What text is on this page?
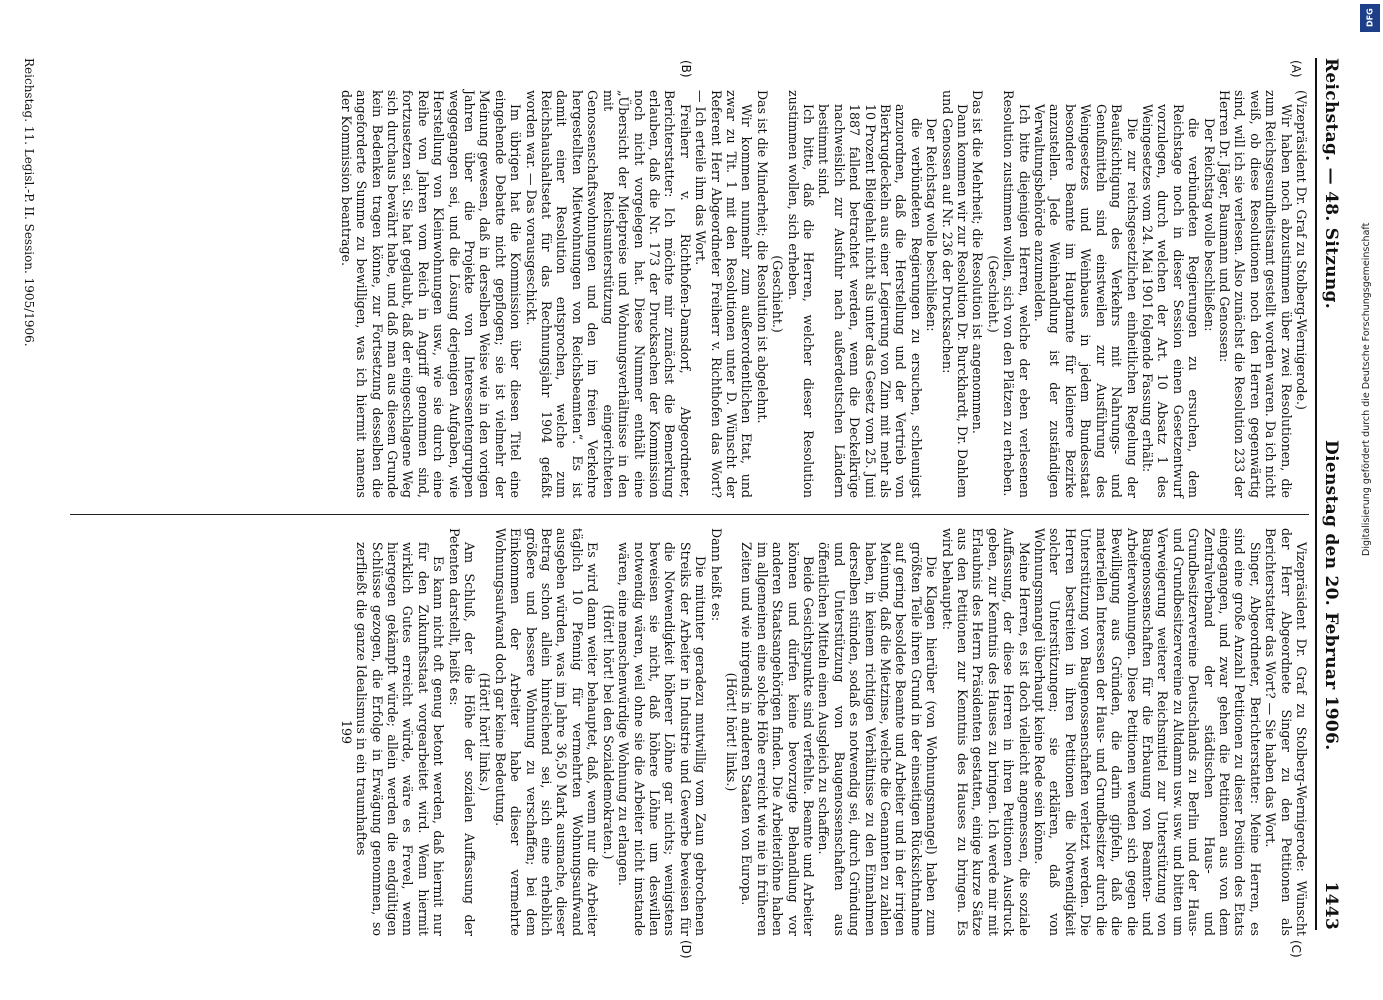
Reichstag. — 48. Sitzung.
Dienstag den 20. Februar 1906.
1443
(A)
(B)
(C)
(D)

(Vizepräsident Dr. Graf zu Stolberg-Wernigerode.)

Wir haben noch abzustimmen über zwei Resolutionen, die zum Reichsgesundheitsamt gestellt worden waren. Da ich nicht weiß, ob diese Resolutionen noch den Herren gegenwärtig sind, will ich sie verlesen. Also zunächst die Resolution 233 der Herren Dr. Jäger, Baumann und Genossen:

Der Reichstag wolle beschließen:

die verbündeten Regierungen zu ersuchen, dem Reichstage noch in dieser Session einen Gesetzentwurf vorzulegen, durch welchen der Art. 10 Absatz 1 des Weingesetzes vom 24. Mai 1901 folgende Fassung erhält:

Die zur reichsgesetzlichen einheitlichen Regelung der Beaufsichtigung des Verkehrs mit Nahrungs- und Genußmitteln sind einstweilen zur Ausführung des Weingesetzes und Weinbaues in jedem Bundesstaat besondere Beamte im Hauptamte für kleinere Bezirke anzustellen. Jede Weinhandlung ist der zuständigen Verwaltungsbehörde anzumelden.

Ich bitte diejenigen Herren, welche der eben verlesenen Resolution zustimmen wollen, sich von den Plätzen zu erheben.

(Geschieht.)

Das ist die Mehrheit; die Resolution ist angenommen.

Dann kommen wir zur Resolution Dr. Burckhardt, Dr. Dahlem und Genossen auf Nr. 236 der Drucksachen:

Der Reichstag wolle beschließen:

die verbündeten Regierungen zu ersuchen, schleunigst anzuordnen, daß die Herstellung und der Vertrieb von Bierkrugdeckeln aus einer Legierung von Zinn mit mehr als 10 Prozent Bleigehalt nicht als unter das Gesetz vom 25. Juni 1887 fallend betrachtet werden, wenn die Deckelkrüge nachweislich zur Ausfuhr nach außerdeutschen Ländern bestimmt sind.

Ich bitte, daß die Herren, welcher dieser Resolution zustimmen wollen, sich erheben.

(Geschieht.)

Das ist die Minderheit; die Resolution ist abgelehnt.

Wir kommen nunmehr zum außerordentlichen Etat, und zwar zu Tit. 1 mit den Resolutionen unter D. Wünscht der Referent Herr Abgeordneter Freiherr v. Richthofen das Wort? — Ich erteile ihm das Wort.

Freiherr v. Richthofen-Damsdorf, Abgeordneter, Berichterstatter: Ich möchte mir zunächst die Bemerkung erlauben, daß die Nr. 173 der Drucksachen der Kommission noch nicht vorgelegen hat. Diese Nummer enthält eine „Übersicht der Mietpreise und Wohnungsverhältnisse in den mit Reichsunterstützung eingerichteten Genossenschaftswohnungen und den im freien Verkehre hergestellten Mietwohnungen von Reichsbeamten“. Es ist damit einer Resolution entsprochen, welche zum Reichshaushaltsetat für das Rechnungsjahr 1904 gefaßt worden war. — Das vorausgeschickt.

Im übrigen hat die Kommission über diesen Titel eine eingehende Debatte nicht gepflogen; sie ist vielmehr der Meinung gewesen, daß in derselben Weise wie in den vorigen Jahren über die Projekte von Interessentengruppen weggegangen sei, und die Lösung derjenigen Aufgaben, wie Herstellung von Kleinwohnungen usw., wie sie durch eine Reihe von Jahren vom Reich in Angriff genommen sind, fortzusetzen sei. Sie hat geglaubt, daß der eingeschlagene Weg sich durchaus bewährt habe, und daß man aus diesem Grunde kein Bedenken tragen könne, zur Fortsetzung desselben die angeforderte Summe zu bewilligen, was ich hiermit namens der Kommission beantrage.

Vizepräsident Dr. Graf zu Stolberg-Wernigerode: Wünscht der Herr Abgeordnete Singer zu den Petitionen als Berichterstatter das Wort? — Sie haben das Wort.

Singer, Abgeordneter, Berichterstatter: Meine Herren, es sind eine große Anzahl Petitionen zu dieser Position des Etats eingegangen, und zwar gehen die Petitionen aus von dem Zentralverband der städtischen Haus- und Grundbesitzervereine Deutschlands zu Berlin und der Haus- und Grundbesitzervereine zu Altdamm usw. usw. und bitten um Verweigerung weiterer Reichsmittel zur Unterstützung von Baugenossenschaften für die Erbauung von Beamten- und Arbeiterwohnungen. Diese Petitionen wenden sich gegen die Bewilligung aus Gründen, die darin gipfeln, daß die materiellen Interessen der Haus- und Grundbesitzer durch die Unterstützung von Baugenossenschaften verletzt werden. Die Herren bestreiten in ihren Petitionen die Notwendigkeit solcher Unterstützungen; sie erklären, daß von Wohnungsmangel überhaupt keine Rede sein könne.

Meine Herren, es ist doch vielleicht angemessen, die soziale Auffassung, der diese Herren in ihren Petitionen Ausdruck geben, zur Kenntnis des Hauses zu bringen. Ich werde mir mit Erlaubnis des Herrn Präsidenten gestatten, einige kurze Sätze aus den Petitionen zur Kenntnis des Hauses zu bringen. Es wird behauptet:

Die Klagen hierüber (von Wohnungsmangel) haben zum größten Teile ihren Grund in der einseitigen Rücksichtnahme auf gering besoldete Beamte und Arbeiter und in der irrigen Meinung, daß die Mietzinse, welche die Genannten zu zahlen haben, in keinem richtigen Verhältnisse zu den Einnahmen derselben stünden, sodaß es notwendig sei, durch Gründung und Unterstützung von Baugenossenschaften aus öffentlichen Mitteln einen Ausgleich zu schaffen.

Beide Gesichtspunkte sind verfehlte. Beamte und Arbeiter können und dürfen keine bevorzugte Behandlung vor anderen Staatsangehörigen finden. Die Arbeiterlöhne haben im allgemeinen eine solche Höhe erreicht wie nie in früheren Zeiten und wie nirgends in anderen Staaten von Europa.

(Hört! hört! links.)

Dann heißt es:

Die mitunter geradezu mutwillig vom Zaun gebrochenen Streiks der Arbeiter in Industrie und Gewerbe beweisen für die Notwendigkeit höherer Löhne gar nichts; wenigstens beweisen sie nicht, daß höhere Löhne um deswillen notwendig wären, weil ohne sie die Arbeiter nicht imstande wären, eine menschenwürdige Wohnung zu erlangen.

(Hört! hört! bei den Sozialdemokraten.)

Es wird dann weiter behauptet, daß, wenn nur die Arbeiter täglich 10 Pfennig für vermehrten Wohnungsaufwand ausgeben würden, was im Jahre 36,50 Mark ausmache, dieser Betrag schon allein hinreichend sei, sich eine erheblich größere und bessere Wohnung zu verschaffen; bei dem Einkommen der Arbeiter habe dieser vermehrte Wohnungsaufwand doch gar keine Bedeutung.

(Hört! hört! links.)

Am Schluß, der die Höhe der sozialen Auffassung der Petenten darstellt, heißt es:

Es kann nicht oft genug betont werden, daß hiermit nur für den Zukunftsstaat vorgearbeitet wird. Wenn hiermit wirklich Gutes erreicht würde, wäre es Frevel, wenn hiergegen gekämpft würde; allein werden die endgültigen Schlüsse gezogen, die Erfolge in Erwägung genommen, so zerfließt die ganze Idealismus in ein traumhaftes

199

Reichstag. 11. Legisl.-P. II. Session. 1905/1906.
DFG
Digitalisierung gefördert durch die Deutsche Forschungsgemeinschaft
